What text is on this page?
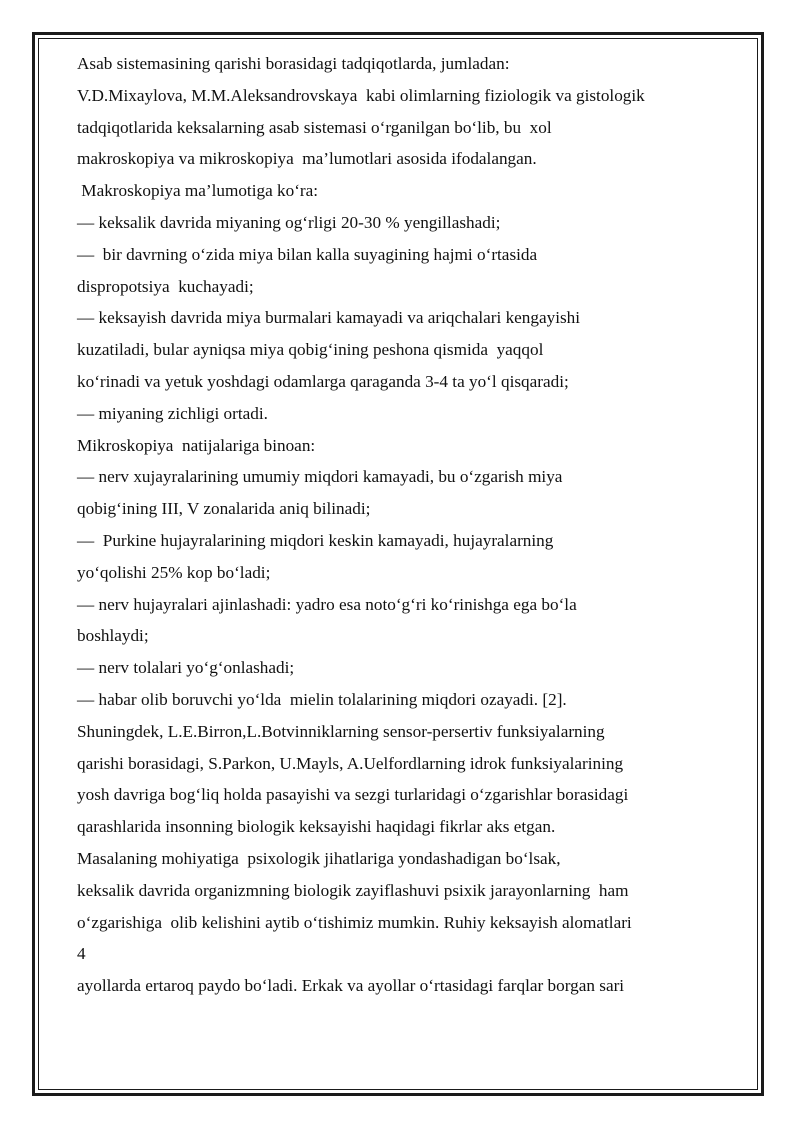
Asab sistemasining qarishi borasidagi tadqiqotlarda, jumladan:
V.D.Mixaylova, M.M.Aleksandrovskaya  kabi olimlarning fiziologik va gistologik
tadqiqotlarida keksalarning asab sistemasi o‘rganilgan bo‘lib, bu  xol
makroskopiya va mikroskopiya  ma’lumotlari asosida ifodalangan.
Makroskopiya ma’lumotiga ko‘ra:
— keksalik davrida miyaning og‘rligi 20-30 % yengillashadi;
—  bir davrning o‘zida miya bilan kalla suyagining hajmi o‘rtasida
dispropotsiya  kuchayadi;
— keksayish davrida miya burmalari kamayadi va ariqchalari kengayishi
kuzatiladi, bular ayniqsa miya qobig‘ining peshona qismida  yaqqol
ko‘rinadi va yetuk yoshdagi odamlarga qaraganda 3-4 ta yo‘l qisqaradi;
— miyaning zichligi ortadi.
Mikroskopiya  natijalariga binoan:
— nerv xujayralarining umumiy miqdori kamayadi, bu o‘zgarish miya
qobig‘ining III, V zonalarida aniq bilinadi;
—  Purkine hujayralarining miqdori keskin kamayadi, hujayralarning
yo‘qolishi 25% kop bo‘ladi;
— nerv hujayralari ajinlashadi: yadro esa noto‘g‘ri ko‘rinishga ega bo‘la
boshlaydi;
— nerv tolalari yo‘g‘onlashadi;
— habar olib boruvchi yo‘lda  mielin tolalarining miqdori ozayadi. [2].
Shuningdek, L.E.Birron,L.Botvinniklarning sensor-persertiv funksiyalarning
qarishi borasidagi, S.Parkon, U.Mayls, A.Uelfordlarning idrok funksiyalarining
yosh davriga bog‘liq holda pasayishi va sezgi turlaridagi o‘zgarishlar borasidagi
qarashlarida insonning biologik keksayishi haqidagi fikrlar aks etgan.
Masalaning mohiyatiga  psixologik jihatlariga yondashadigan bo‘lsak,
keksalik davrida organizmning biologik zayiflashuvi psixik jarayonlarning  ham
o‘zgarishiga  olib kelishini aytib o‘tishimiz mumkin. Ruhiy keksayish alomatlari
4
ayollarda ertaroq paydo bo‘ladi. Erkak va ayollar o‘rtasidagi farqlar borgan sari
